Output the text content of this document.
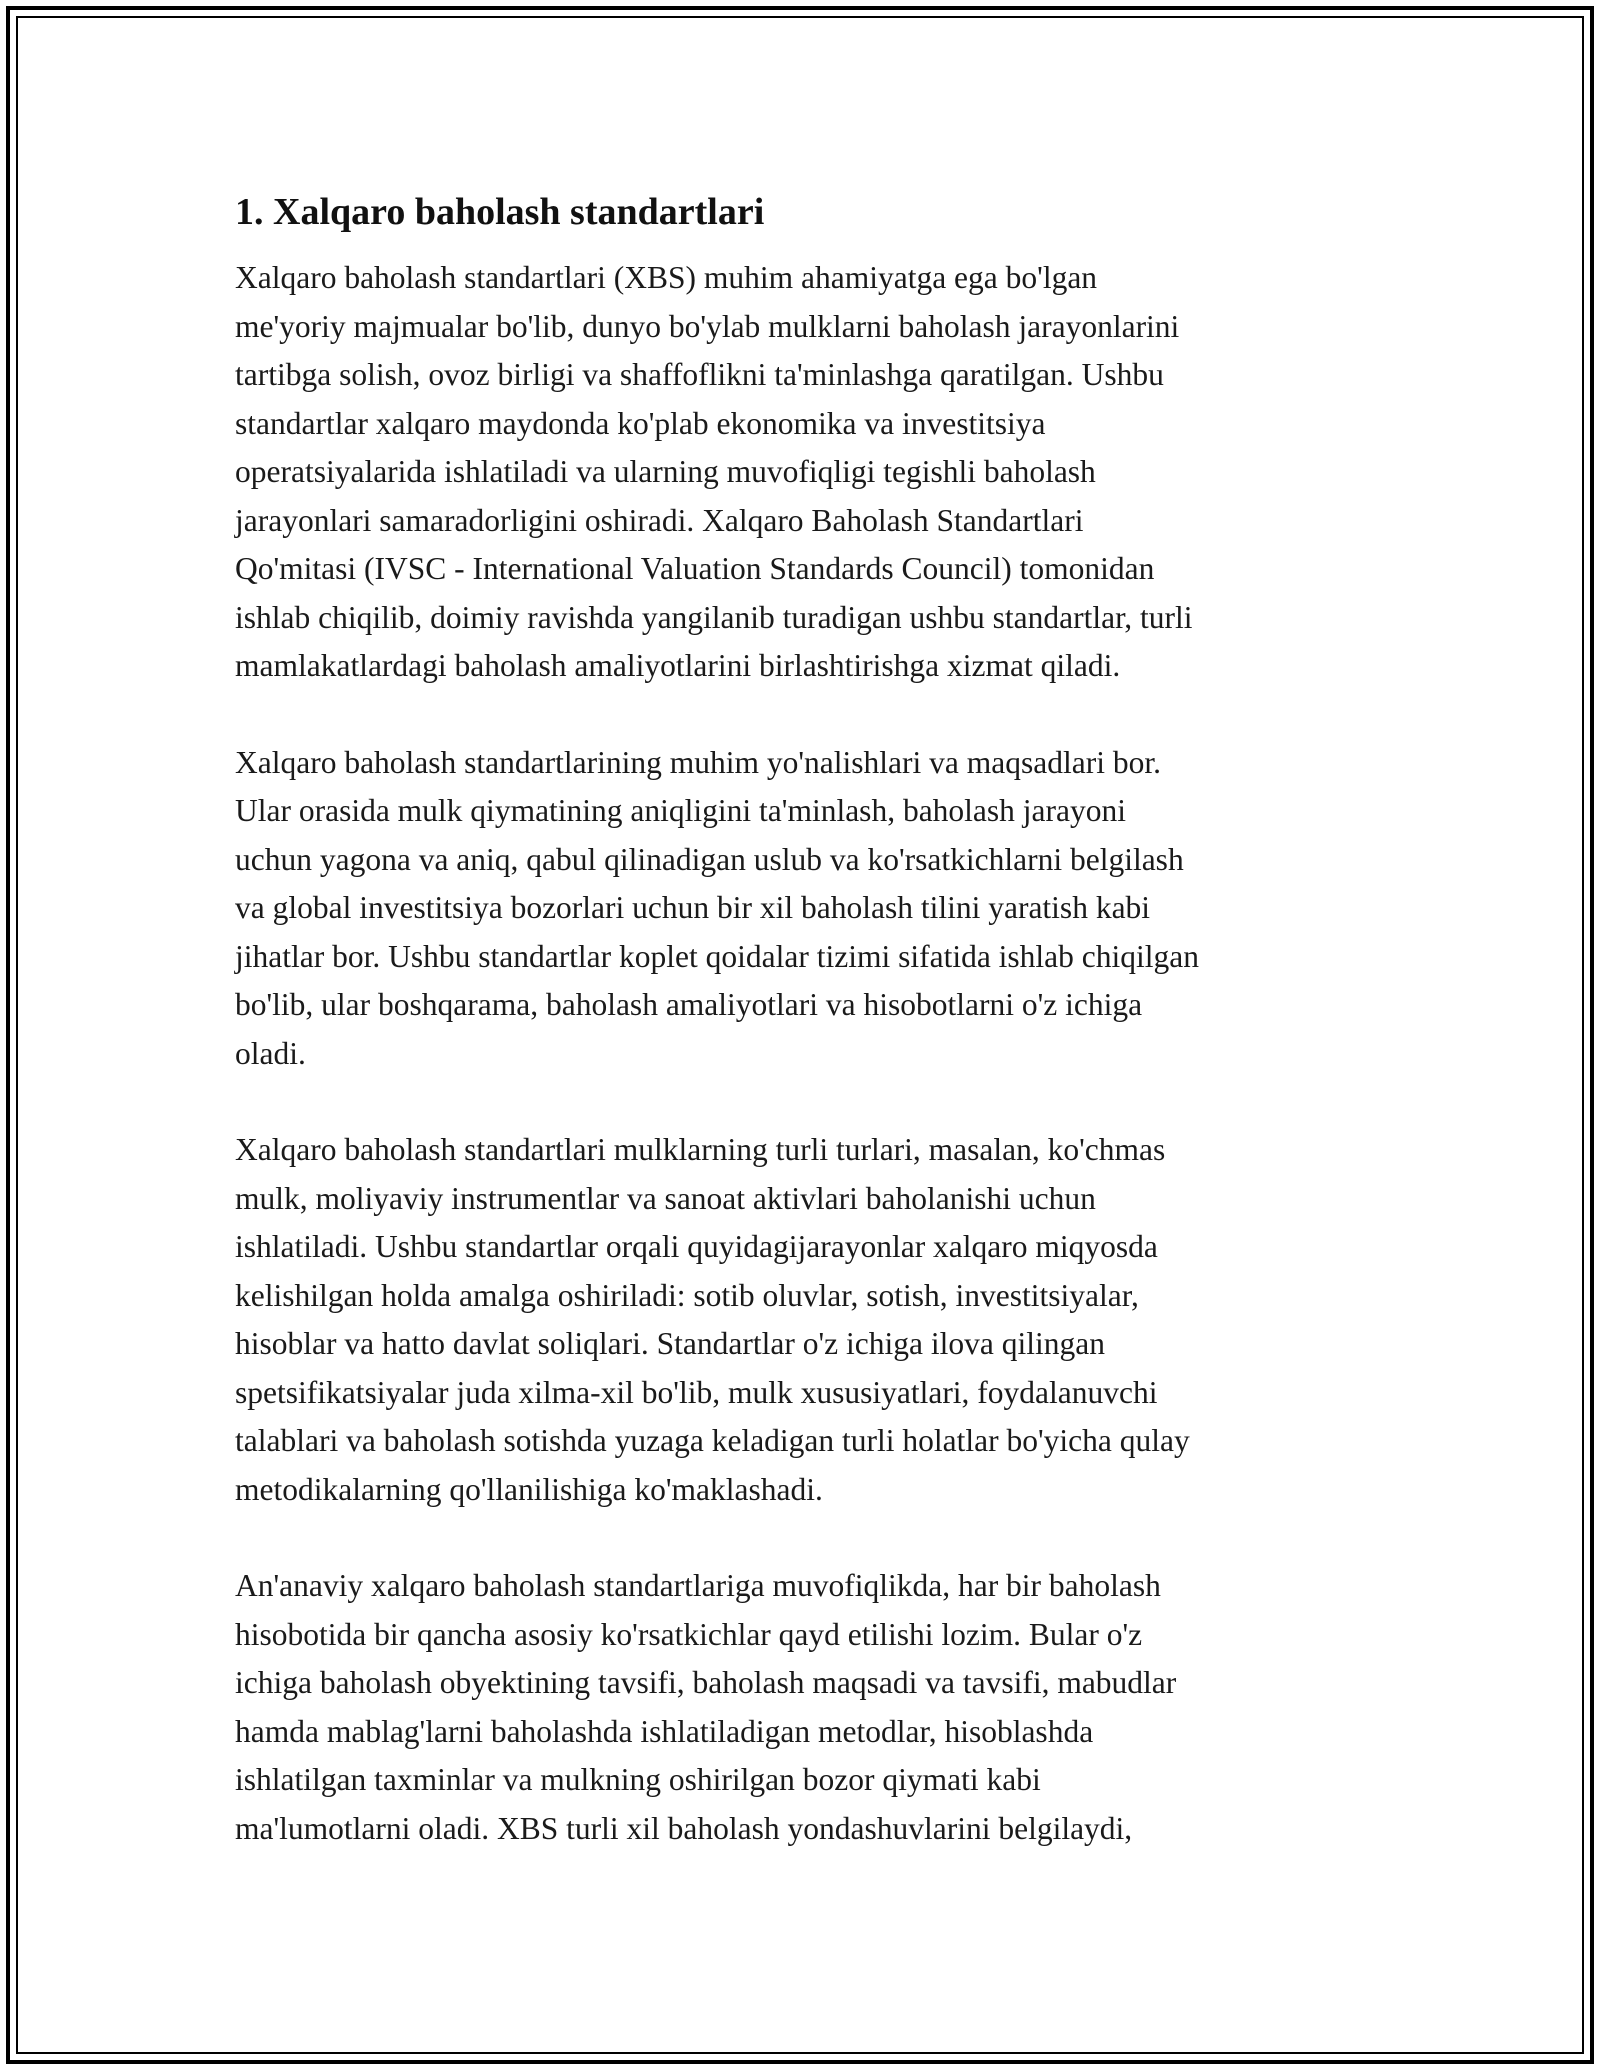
1. Xalqaro baholash standartlari

Xalqaro baholash standartlari (XBS) muhim ahamiyatga ega bo'lgan
me'yoriy majmualar bo'lib, dunyo bo'ylab mulklarni baholash jarayonlarini
tartibga solish, ovoz birligi va shaffoflikni ta'minlashga qaratilgan. Ushbu
standartlar xalqaro maydonda ko'plab ekonomika va investitsiya
operatsiyalarida ishlatiladi va ularning muvofiqligi tegishli baholash
jarayonlari samaradorligini oshiradi. Xalqaro Baholash Standartlari
Qo'mitasi (IVSC - International Valuation Standards Council) tomonidan
ishlab chiqilib, doimiy ravishda yangilanib turadigan ushbu standartlar, turli
mamlakatlardagi baholash amaliyotlarini birlashtirishga xizmat qiladi.

Xalqaro baholash standartlarining muhim yo'nalishlari va maqsadlari bor.
Ular orasida mulk qiymatining aniqligini ta'minlash, baholash jarayoni
uchun yagona va aniq, qabul qilinadigan uslub va ko'rsatkichlarni belgilash
va global investitsiya bozorlari uchun bir xil baholash tilini yaratish kabi
jihatlar bor. Ushbu standartlar koplet qoidalar tizimi sifatida ishlab chiqilgan
bo'lib, ular boshqarama, baholash amaliyotlari va hisobotlarni o'z ichiga
oladi.

Xalqaro baholash standartlari mulklarning turli turlari, masalan, ko'chmas
mulk, moliyaviy instrumentlar va sanoat aktivlari baholanishi uchun
ishlatiladi. Ushbu standartlar orqali quyidagijarayonlar xalqaro miqyosda
kelishilgan holda amalga oshiriladi: sotib oluvlar, sotish, investitsiyalar,
hisoblar va hatto davlat soliqlari. Standartlar o'z ichiga ilova qilingan
spetsifikatsiyalar juda xilma-xil bo'lib, mulk xususiyatlari, foydalanuvchi
talablari va baholash sotishda yuzaga keladigan turli holatlar bo'yicha qulay
metodikalarning qo'llanilishiga ko'maklashadi.

An'anaviy xalqaro baholash standartlariga muvofiqlikda, har bir baholash
hisobotida bir qancha asosiy ko'rsatkichlar qayd etilishi lozim. Bular o'z
ichiga baholash obyektining tavsifi, baholash maqsadi va tavsifi, mabudlar
hamda mablag'larni baholashda ishlatiladigan metodlar, hisoblashda
ishlatilgan taxminlar va mulkning oshirilgan bozor qiymati kabi
ma'lumotlarni oladi. XBS turli xil baholash yondashuvlarini belgilaydi,
